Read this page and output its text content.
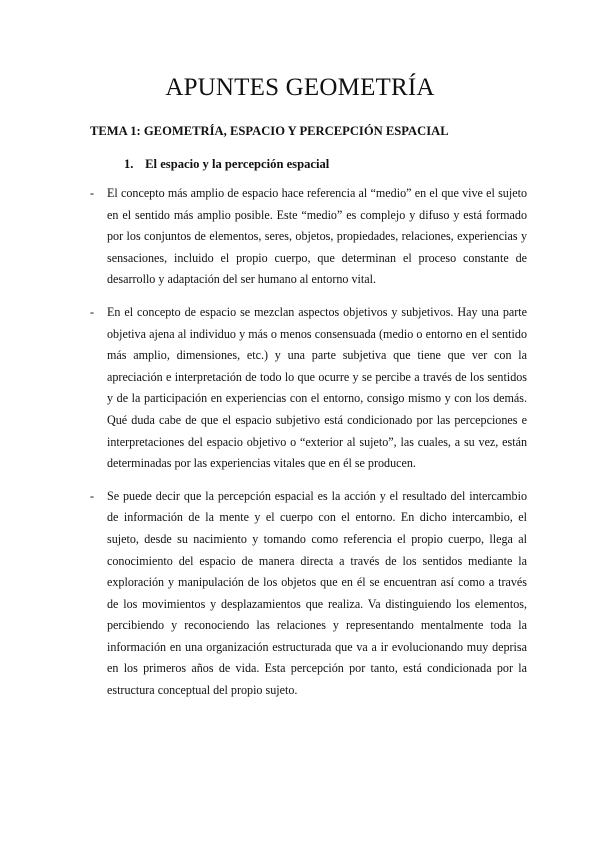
APUNTES GEOMETRÍA
TEMA 1: GEOMETRÍA, ESPACIO Y PERCEPCIÓN ESPACIAL
1. El espacio y la percepción espacial
- El concepto más amplio de espacio hace referencia al “medio” en el que vive el sujeto en el sentido más amplio posible. Este “medio” es complejo y difuso y está formado por los conjuntos de elementos, seres, objetos, propiedades, relaciones, experiencias y sensaciones, incluido el propio cuerpo, que determinan el proceso constante de desarrollo y adaptación del ser humano al entorno vital.
- En el concepto de espacio se mezclan aspectos objetivos y subjetivos. Hay una parte objetiva ajena al individuo y más o menos consensuada (medio o entorno en el sentido más amplio, dimensiones, etc.) y una parte subjetiva que tiene que ver con la apreciación e interpretación de todo lo que ocurre y se percibe a través de los sentidos y de la participación en experiencias con el entorno, consigo mismo y con los demás. Qué duda cabe de que el espacio subjetivo está condicionado por las percepciones e interpretaciones del espacio objetivo o “exterior al sujeto”, las cuales, a su vez, están determinadas por las experiencias vitales que en él se producen.
- Se puede decir que la percepción espacial es la acción y el resultado del intercambio de información de la mente y el cuerpo con el entorno. En dicho intercambio, el sujeto, desde su nacimiento y tomando como referencia el propio cuerpo, llega al conocimiento del espacio de manera directa a través de los sentidos mediante la exploración y manipulación de los objetos que en él se encuentran así como a través de los movimientos y desplazamientos que realiza. Va distinguiendo los elementos, percibiendo y reconociendo las relaciones y representando mentalmente toda la información en una organización estructurada que va a ir evolucionando muy deprisa en los primeros años de vida. Esta percepción por tanto, está condicionada por la estructura conceptual del propio sujeto.
